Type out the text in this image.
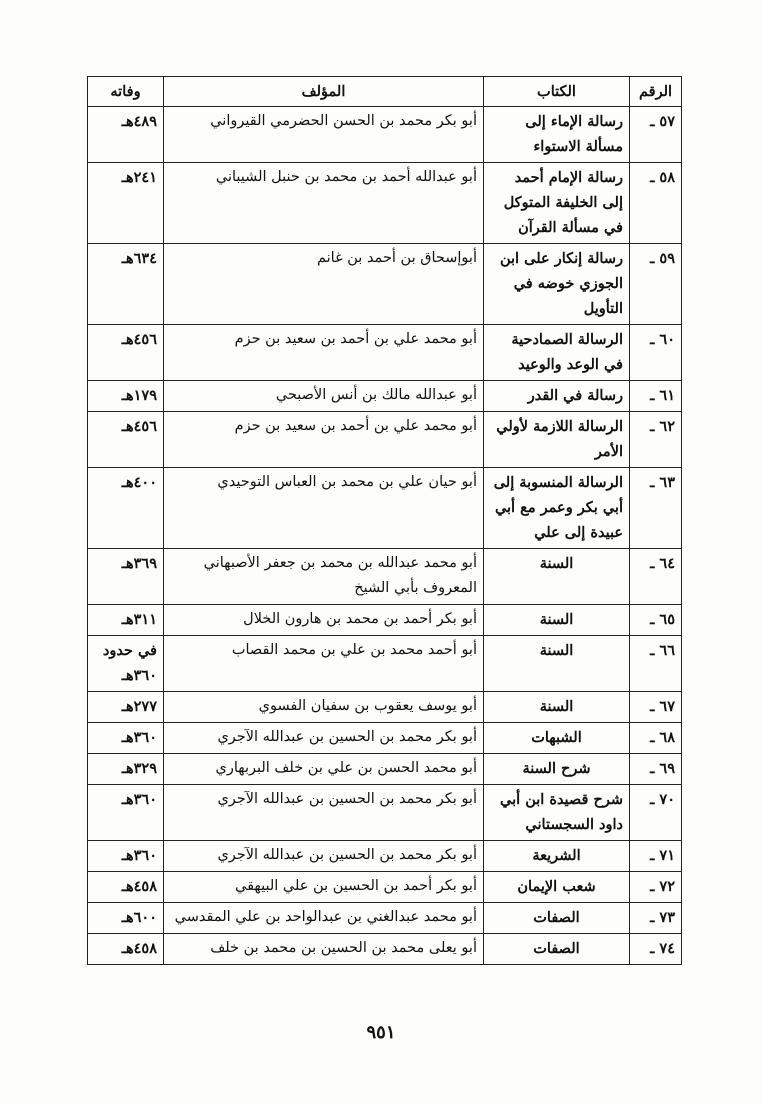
الرقم	الكتاب	المؤلف	وفاته
٥٧ ـ	رسالة الإماء إلى مسألة الاستواء	أبو بكر محمد بن الحسن الحضرمي القيرواني	٤٨٩هـ
٥٨ ـ	رسالة الإمام أحمد إلى الخليفة المتوكل في مسألة القرآن	أبو عبدالله أحمد بن محمد بن حنبل الشيباني	٢٤١هـ
٥٩ ـ	رسالة إنكار على ابن الجوزي خوضه في التأويل	أبوإسحاق بن أحمد بن غانم	٦٣٤هـ
٦٠ ـ	الرسالة الصمادحية في الوعد والوعيد	أبو محمد علي بن أحمد بن سعيد بن حزم	٤٥٦هـ
٦١ ـ	رسالة في القدر	أبو عبدالله مالك بن أنس الأصبحي	١٧٩هـ
٦٢ ـ	الرسالة اللازمة لأولي الأمر	أبو محمد علي بن أحمد بن سعيد بن حزم	٤٥٦هـ
٦٣ ـ	الرسالة المنسوبة إلى أبي بكر وعمر مع أبي عبيدة إلى علي	أبو حيان علي بن محمد بن العباس التوحيدي	٤٠٠هـ
٦٤ ـ	السنة	أبو محمد عبدالله بن محمد بن جعفر الأصبهاني المعروف بأبي الشيخ	٣٦٩هـ
٦٥ ـ	السنة	أبو بكر أحمد بن محمد بن هارون الخلال	٣١١هـ
٦٦ ـ	السنة	أبو أحمد محمد بن علي بن محمد القصاب	في حدود ٣٦٠هـ
٦٧ ـ	السنة	أبو يوسف يعقوب بن سفيان الفسوي	٢٧٧هـ
٦٨ ـ	الشبهات	أبو بكر محمد بن الحسين بن عبدالله الآجري	٣٦٠هـ
٦٩ ـ	شرح السنة	أبو محمد الحسن بن علي بن خلف البربهاري	٣٢٩هـ
٧٠ ـ	شرح قصيدة ابن أبي داود السجستاني	أبو بكر محمد بن الحسين بن عبدالله الآجري	٣٦٠هـ
٧١ ـ	الشريعة	أبو بكر محمد بن الحسين بن عبدالله الآجري	٣٦٠هـ
٧٢ ـ	شعب الإيمان	أبو بكر أحمد بن الحسين بن علي البيهقي	٤٥٨هـ
٧٣ ـ	الصفات	أبو محمد عبدالغني بن عبدالواحد بن علي المقدسي	٦٠٠هـ
٧٤ ـ	الصفات	أبو يعلى محمد بن الحسين بن محمد بن خلف	٤٥٨هـ
٩٥١
